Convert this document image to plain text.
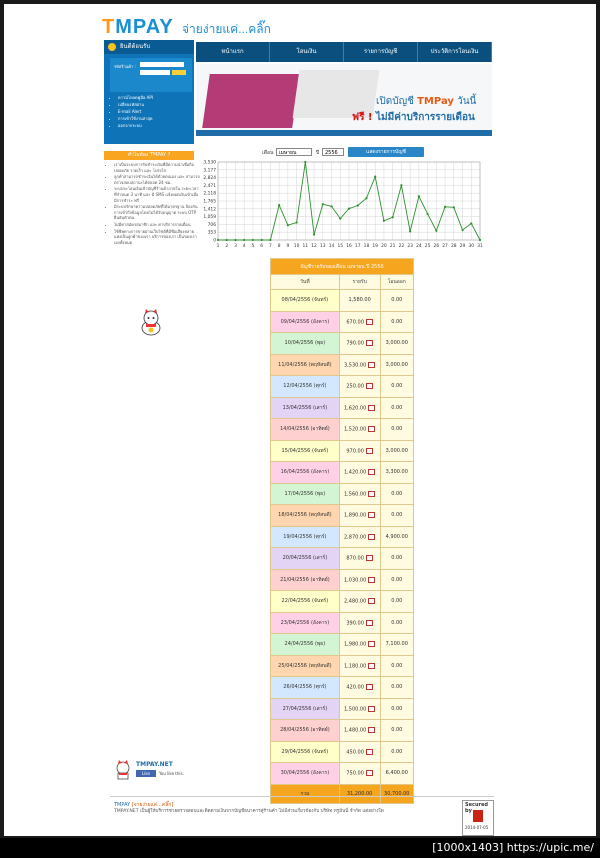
TMPAY จ่ายง่ายแค่...คลิ๊ก
ยินดีต้อนรับ
รหัสร้านค้า :
• ดาวน์โหลดคู่มือ API
• เปลี่ยนรหัสผ่าน
• E-mail Alert
• การเข้าใช้งานล่าสุด
• ออกจากระบบ
หน้าแรก	โอนเงิน	รายการบัญชี	ประวัติการโอนเงิน
เปิดบัญชี TMPay วันนี้
ฟรี ! ไม่มีค่าบริการรายเดือน
ทำไมต้อง TMPAY ?
• เราเป็นระบบการรับชำระเงินที่มีความน่าเชื่อถือ ปลอดภัย รวดเร็ว และ โปร่งใส
• ลูกค้าสามารถชำระเงินได้ด้วยตนเอง และ สามารถตรวจสอบสถานะได้ตลอด 24 ชม.
• ระบบจะโอนเงินเข้าบัญชีร้านค้าภายใน ระยะเวลาที่กำหนด 3 นาที และ มี SMS แจ้งยอดเงินเข้าเมื่อมีการชำระ ฟรี
• มีระบบรักษาความปลอดภัยที่ได้มาตรฐาน ป้องกันการเข้าถึงข้อมูลโดยไม่ได้รับอนุญาต ระบบ OTP ยืนยันตัวตน
• ไม่มีค่าสมัครสมาชิก และ ค่าบริการรายเดือน
• ใช้ชีพทางการขายผ่านเว็บไซต์ที่มีชื่อเสียงหลายแห่งเป็นลูกค้าของเรา บริการของเรา เป็นของเราเองทั้งหมด
เดือน	เมษายน	ปี	2556	แสดงรายการบัญชี
3,530
3,177
2,824
2,471
2,118
1,765
1,412
1,059
706
353
0
1 2 3 4 5 6 7 8 9 10 11 12 13 14 15 16 17 18 19 20 21 22 23 24 25 26 27 28 29 30 31
บัญชีรายรับของเดือน เมษายน ปี 2556		
วันที่	รายรับ	โอนออก
08/04/2556 (จันทร์)	1,580.00	0.00
09/04/2556 (อังคาร)	670.00	0.00
10/04/2556 (พุธ)	790.00	3,000.00
11/04/2556 (พฤหัสบดี)	3,530.00	3,000.00
12/04/2556 (ศุกร์)	250.00	0.00
13/04/2556 (เสาร์)	1,620.00	0.00
14/04/2556 (อาทิตย์)	1,520.00	0.00
15/04/2556 (จันทร์)	970.00	3,000.00
16/04/2556 (อังคาร)	1,420.00	3,300.00
17/04/2556 (พุธ)	1,560.00	0.00
18/04/2556 (พฤหัสบดี)	1,890.00	0.00
19/04/2556 (ศุกร์)	2,870.00	4,900.00
20/04/2556 (เสาร์)	870.00	0.00
21/04/2556 (อาทิตย์)	1,030.00	0.00
22/04/2556 (จันทร์)	2,480.00	0.00
23/04/2556 (อังคาร)	390.00	0.00
24/04/2556 (พุธ)	1,980.00	7,100.00
25/04/2556 (พฤหัสบดี)	1,180.00	0.00
26/04/2556 (ศุกร์)	420.00	0.00
27/04/2556 (เสาร์)	1,500.00	0.00
28/04/2556 (อาทิตย์)	1,480.00	0.00
29/04/2556 (จันทร์)	450.00	0.00
30/04/2556 (อังคาร)	750.00	6,400.00
รวม	31,200.00	30,700.00
TMPAY.NET
Like	You like this.
TMPAY [จ่ายง่ายแค่...คลิ๊ก]
TMPAY.NET เป็นผู้ให้บริการช่วยตรวจสอบและติดตามเงินจากบัญชีธนาคารสู่ร้านค้า ไม่มีส่วนเกี่ยวข้องกับ บริษัท ทรูมันนี่ จำกัด แต่อย่างใด
Secured by
2014-07-05
[1000x1403] https://upic.me/
